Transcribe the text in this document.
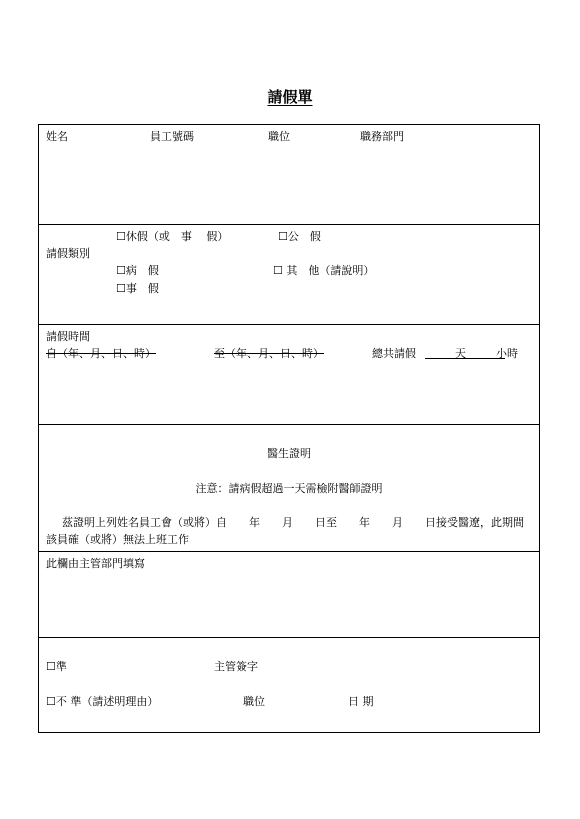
請假單
姓名	員工號碼	職位	職務部門
☐休假（或　事　 假）	☐公　假
請假類別
☐病　假	☐ 其　他（請說明）
☐事　假
請假時間
自（年、月、日、時）	至（年、月、日、時）	總共請假	天	小時
醫生證明
注意：請病假超過一天需檢附醫師證明
茲證明上列姓名員工會（或將）自　　年　　月　　日至　　年　　月　　日接受醫遼，此期間該員確（或將）無法上班工作
此欄由主管部門填寫
☐準	主管簽字
☐不 準（請述明理由）	職位	日 期
